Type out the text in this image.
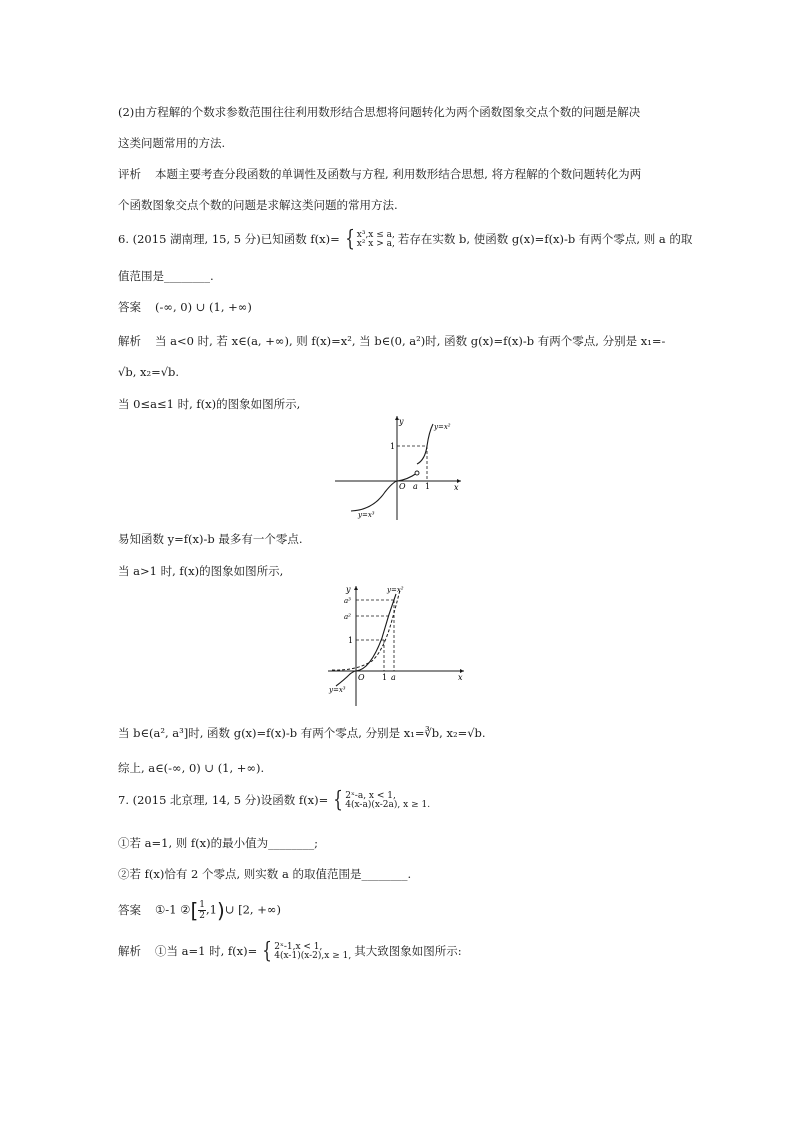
(2)由方程解的个数求参数范围往往利用数形结合思想将问题转化为两个函数图象交点个数的问题是解决
这类问题常用的方法.
评析 本题主要考查分段函数的单调性及函数与方程, 利用数形结合思想, 将方程解的个数问题转化为两
个函数图象交点个数的问题是求解这类问题的常用方法.
6. (2015 湖南理, 15, 5 分)已知函数 f(x)= { x³,x ≤ a,
x² x > a, 若存在实数 b, 使函数 g(x)=f(x)-b 有两个零点, 则 a 的取
值范围是________.
答案 (-∞, 0) ∪ (1, +∞)
解析 当 a<0 时, 若 x∈(a, +∞), 则 f(x)=x², 当 b∈(0, a²)时, 函数 g(x)=f(x)-b 有两个零点, 分别是 x₁=-
√b, x₂=√b.
当 0≤a≤1 时, f(x)的图象如图所示,
y
x
O a 1
1
y=x²
y=x³
易知函数 y=f(x)-b 最多有一个零点.
当 a>1 时, f(x)的图象如图所示,
y
x
O 1 a
a³
a²
1
y=x²
y=x³
当 b∈(a², a³]时, 函数 g(x)=f(x)-b 有两个零点, 分别是 x₁=∛b, x₂=√b.
综上, a∈(-∞, 0) ∪ (1, +∞).
7. (2015 北京理, 14, 5 分)设函数 f(x)= { 2ˣ-a, x < 1,
4(x-a)(x-2a), x ≥ 1.
①若 a=1, 则 f(x)的最小值为________;
②若 f(x)恰有 2 个零点, 则实数 a 的取值范围是________.
答案 ①-1 ②[ $\frac{1}{2}$ ,1)∪ [2, +∞)
解析 ①当 a=1 时, f(x)= { 2ˣ-1,x < 1,
4(x-1)(x-2),x ≥ 1, 其大致图象如图所示:
